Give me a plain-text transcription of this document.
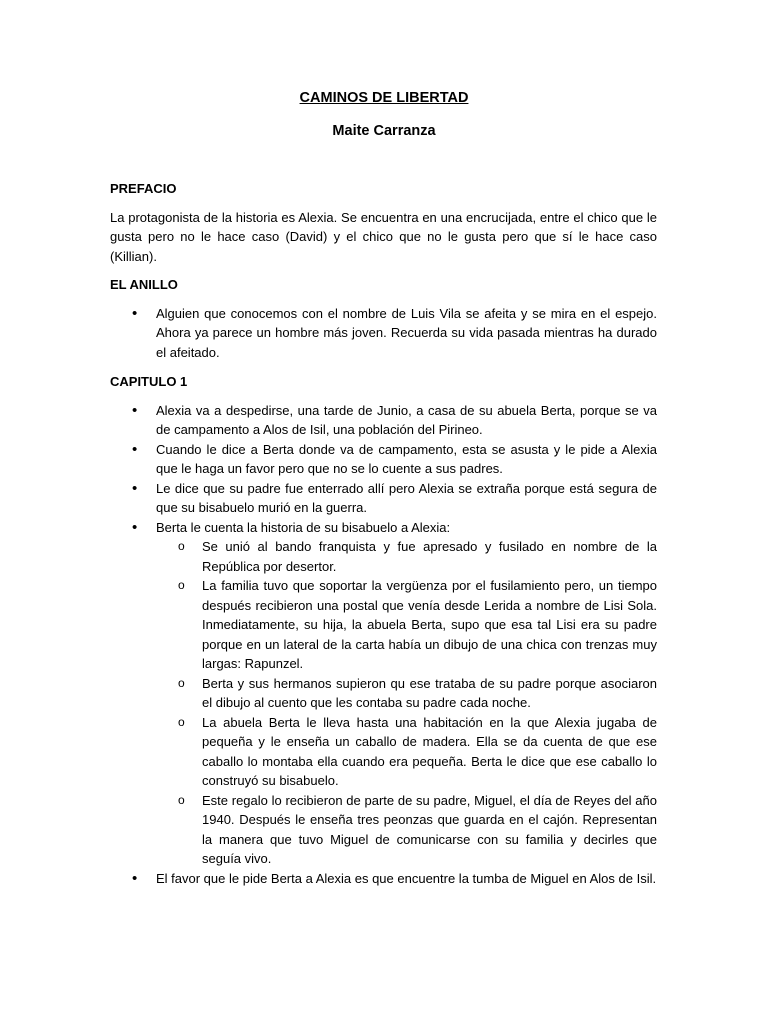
CAMINOS DE LIBERTAD
Maite Carranza
PREFACIO

La protagonista de la historia es Alexia. Se encuentra en una encrucijada, entre el chico que le gusta pero no le hace caso (David) y el chico que no le gusta pero que sí le hace caso (Killian).

EL ANILLO
• Alguien que conocemos con el nombre de Luis Vila se afeita y se mira en el espejo. Ahora ya parece un hombre más joven. Recuerda su vida pasada mientras ha durado el afeitado.
CAPITULO 1
• Alexia va a despedirse, una tarde de Junio, a casa de su abuela Berta, porque se va de campamento a Alos de Isil, una población del Pirineo.
• Cuando le dice a Berta donde va de campamento, esta se asusta y le pide a Alexia que le haga un favor pero que no se lo cuente a sus padres.
• Le dice que su padre fue enterrado allí pero Alexia se extraña porque está segura de que su bisabuelo murió en la guerra.
• Berta le cuenta la historia de su bisabuelo a Alexia:
o Se unió al bando franquista y fue apresado y fusilado en nombre de la República por desertor.
o La familia tuvo que soportar la vergüenza por el fusilamiento pero, un tiempo después recibieron una postal que venía desde Lerida a nombre de Lisi Sola. Inmediatamente, su hija, la abuela Berta, supo que esa tal Lisi era su padre porque en un lateral de la carta había un dibujo de una chica con trenzas muy largas: Rapunzel.
o Berta y sus hermanos supieron qu ese trataba de su padre porque asociaron el dibujo al cuento que les contaba su padre cada noche.
o La abuela Berta le lleva hasta una habitación en la que Alexia jugaba de pequeña y le enseña un caballo de madera. Ella se da cuenta de que ese caballo lo montaba ella cuando era pequeña. Berta le dice que ese caballo lo construyó su bisabuelo.
o Este regalo lo recibieron de parte de su padre, Miguel, el día de Reyes del año 1940. Después le enseña tres peonzas que guarda en el cajón. Representan la manera que tuvo Miguel de comunicarse con su familia y decirles que seguía vivo.
• El favor que le pide Berta a Alexia es que encuentre la tumba de Miguel en Alos de Isil.
